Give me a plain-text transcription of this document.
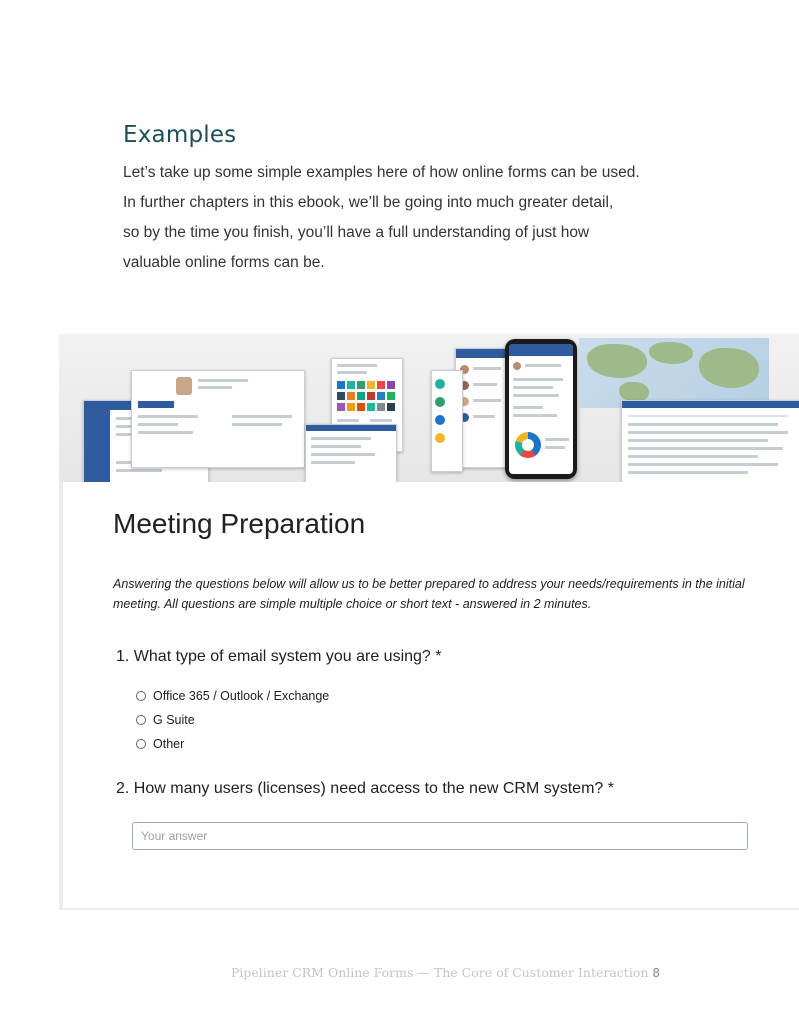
Examples

Let’s take up some simple examples here of how online forms can be used.

In further chapters in this ebook, we’ll be going into much greater detail,

so by the time you finish, you’ll have a full understanding of just how

valuable online forms can be.

Meeting Preparation
Answering the questions below will allow us to be better prepared to address your needs/requirements in the initial
meeting. All questions are simple multiple choice or short text - answered in 2 minutes.
1. What type of email system you are using? *
Office 365 / Outlook / Exchange
G Suite
Other
2. How many users (licenses) need access to the new CRM system? *
Your answer
Pipeliner CRM Online Forms — The Core of Customer Interaction 8
